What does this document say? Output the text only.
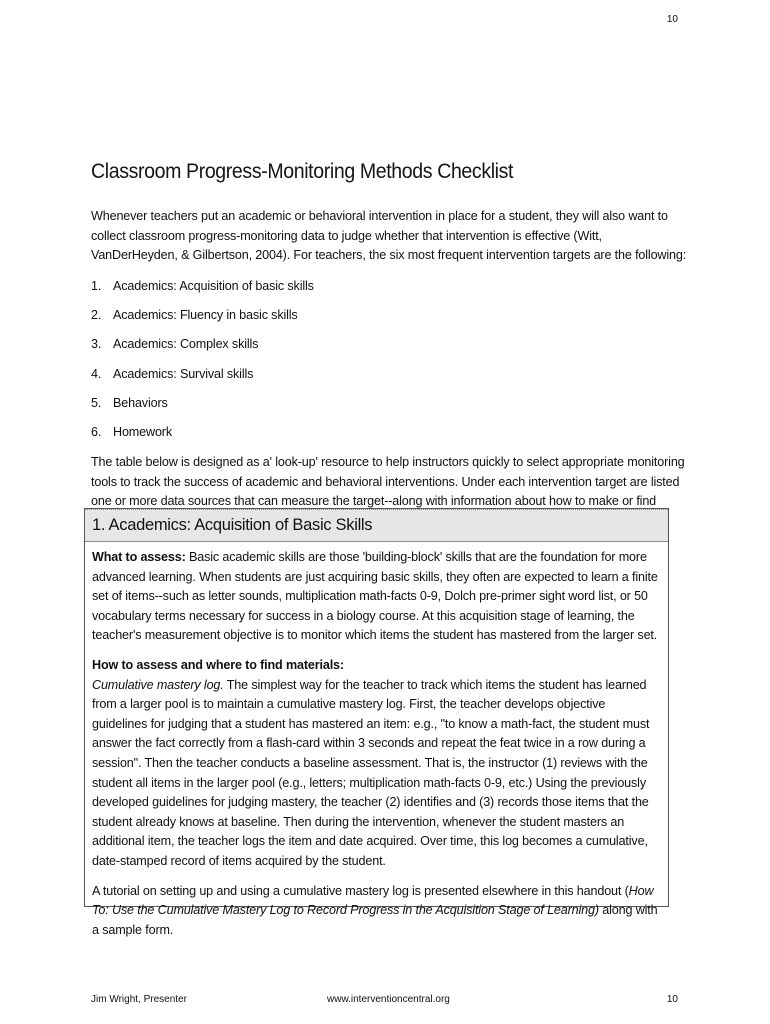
10
Classroom Progress-Monitoring Methods Checklist
Whenever teachers put an academic or behavioral intervention in place for a student, they will also want to collect classroom progress-monitoring data to judge whether that intervention is effective (Witt, VanDerHeyden, & Gilbertson, 2004). For teachers, the six most frequent intervention targets are the following:
1. Academics: Acquisition of basic skills
2. Academics: Fluency in basic skills
3. Academics: Complex skills
4. Academics: Survival skills
5. Behaviors
6. Homework
The table below is designed as a' look-up' resource to help instructors quickly to select appropriate monitoring tools to track the success of academic and behavioral interventions. Under each intervention target are listed one or more data sources that can measure the target--along with information about how to make or find
1. Academics: Acquisition of Basic Skills

What to assess: Basic academic skills are those 'building-block' skills that are the foundation for more advanced learning. When students are just acquiring basic skills, they often are expected to learn a finite set of items--such as letter sounds, multiplication math-facts 0-9, Dolch pre-primer sight word list, or 50 vocabulary terms necessary for success in a biology course. At this acquisition stage of learning, the teacher's measurement objective is to monitor which items the student has mastered from the larger set.

How to assess and where to find materials:
Cumulative mastery log. The simplest way for the teacher to track which items the student has learned from a larger pool is to maintain a cumulative mastery log. First, the teacher develops objective guidelines for judging that a student has mastered an item: e.g., "to know a math-fact, the student must answer the fact correctly from a flash-card within 3 seconds and repeat the feat twice in a row during a session". Then the teacher conducts a baseline assessment. That is, the instructor (1) reviews with the student all items in the larger pool (e.g., letters; multiplication math-facts 0-9, etc.) Using the previously developed guidelines for judging mastery, the teacher (2) identifies and (3) records those items that the student already knows at baseline. Then during the intervention, whenever the student masters an additional item, the teacher logs the item and date acquired. Over time, this log becomes a cumulative, date-stamped record of items acquired by the student.

A tutorial on setting up and using a cumulative mastery log is presented elsewhere in this handout (How To: Use the Cumulative Mastery Log to Record Progress in the Acquisition Stage of Learning) along with a sample form.

Jim Wright, Presenter	www.interventioncentral.org	10
